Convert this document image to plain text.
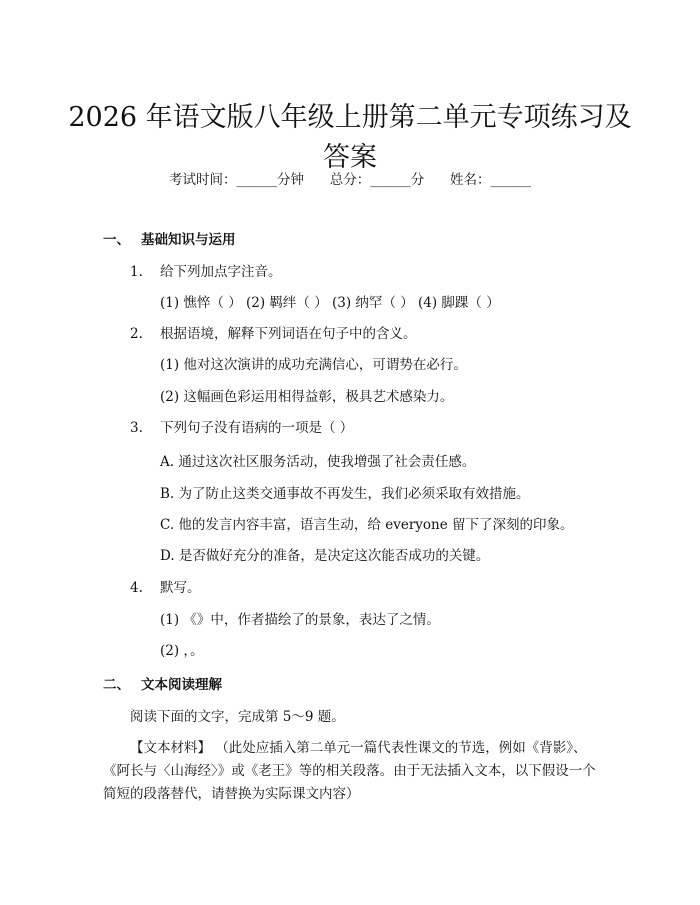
2026 年语文版八年级上册第二单元专项练习及答案
考试时间：______分钟      总分：______分      姓名：______
一、 基础知识与运用
1. 给下列加点字注音。
(1) 憔悴（ ） (2) 羁绊（ ） (3) 纳罕（ ） (4) 脚踝（ ）
2. 根据语境，解释下列词语在句子中的含义。
(1) 他对这次演讲的成功充满信心，可谓势在必行。
(2) 这幅画色彩运用相得益彰，极具艺术感染力。
3. 下列句子没有语病的一项是（ ）
A. 通过这次社区服务活动，使我增强了社会责任感。
B. 为了防止这类交通事故不再发生，我们必须采取有效措施。
C. 他的发言内容丰富，语言生动，给 everyone 留下了深刻的印象。
D. 是否做好充分的准备，是决定这次能否成功的关键。
4. 默写。
(1) 《》中，作者描绘了的景象，表达了之情。
(2) ，。
二、 文本阅读理解
阅读下面的文字，完成第 5～9 题。
【文本材料】 （此处应插入第二单元一篇代表性课文的节选，例如《背影》、《阿长与〈山海经〉》或《老王》等的相关段落。由于无法插入文本，以下假设一个简短的段落替代，请替换为实际课文内容）
